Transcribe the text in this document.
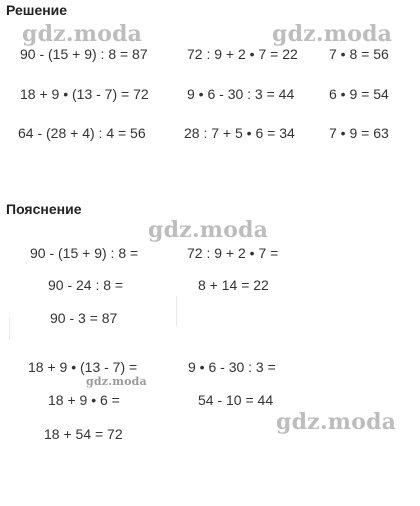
Решение
Пояснение
gdz.moda	gdz.moda
gdz.moda
gdz.moda
gdz.moda
90 - (15 + 9) : 8 = 87	72 : 9 + 2 • 7 = 22 7 • 8 = 56
18 + 9 • (13 - 7) = 72	9 • 6 - 30 : 3 = 44 6 • 9 = 54
64 - (28 + 4) : 4 = 56	28 : 7 + 5 • 6 = 34 7 • 9 = 63
90 - (15 + 9) : 8 =
90 - 24 : 8 =
90 - 3 = 87
72 : 9 + 2 • 7 =
8 + 14 = 22
18 + 9 • (13 - 7) =
18 + 9 • 6 =
18 + 54 = 72
9 • 6 - 30 : 3 =
54 - 10 = 44
